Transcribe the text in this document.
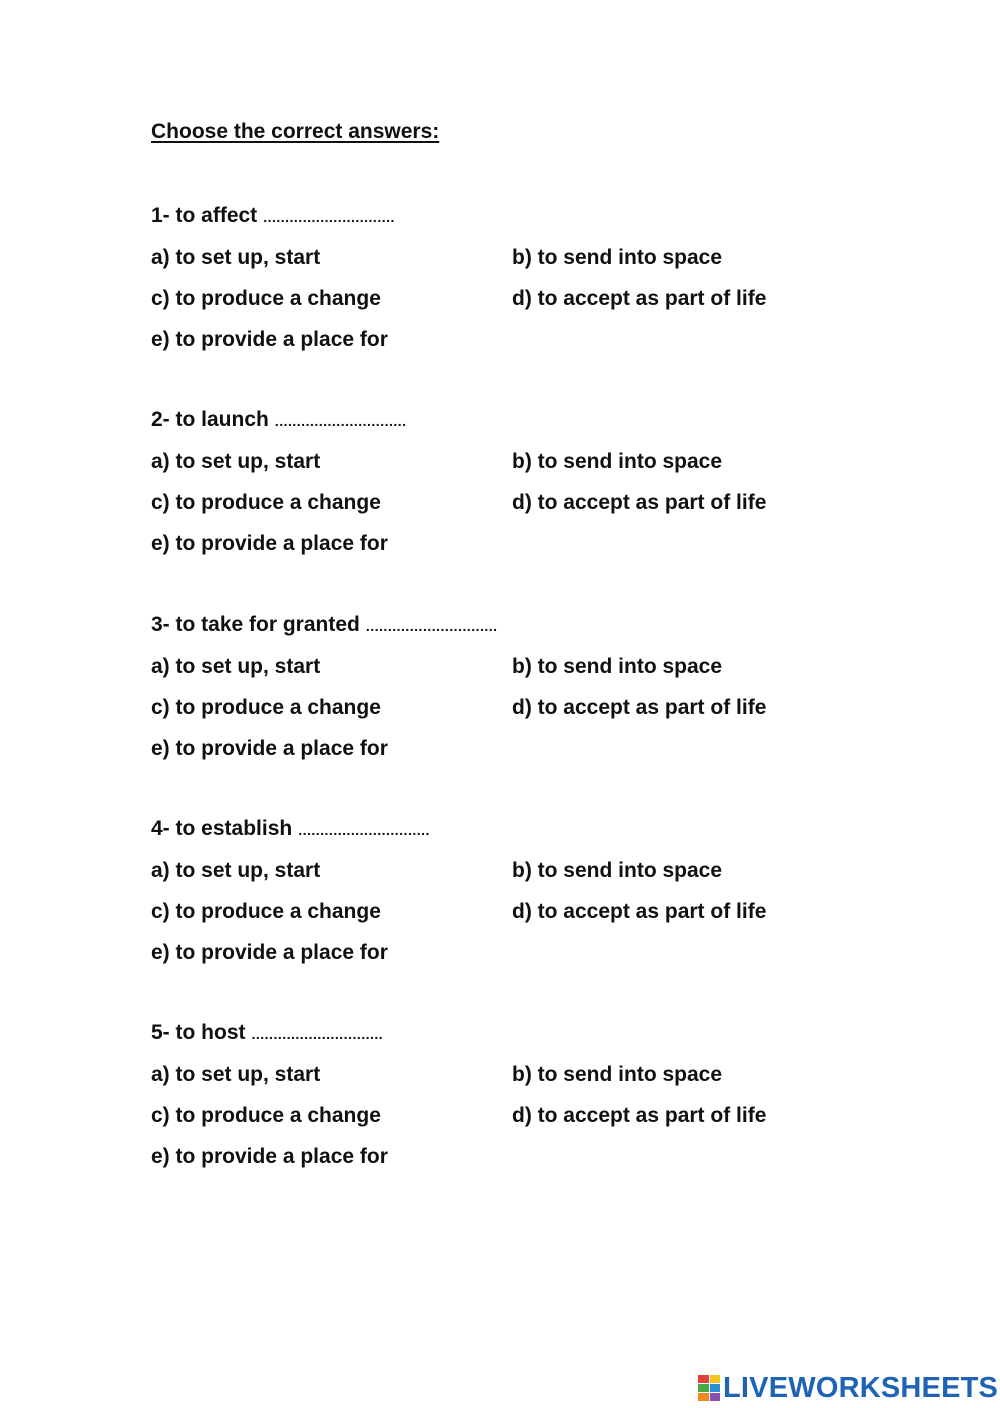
Choose the correct answers:
1- to affect ..............................
a) to set up, start	b) to send into space
c) to produce a change	d) to accept as part of life
e) to provide a place for
2- to launch ..............................
a) to set up, start	b) to send into space
c) to produce a change	d) to accept as part of life
e) to provide a place for
3- to take for granted ..............................
a) to set up, start	b) to send into space
c) to produce a change	d) to accept as part of life
e) to provide a place for
4- to establish ..............................
a) to set up, start	b) to send into space
c) to produce a change	d) to accept as part of life
e) to provide a place for
5- to host ..............................
a) to set up, start	b) to send into space
c) to produce a change	d) to accept as part of life
e) to provide a place for
LIVEWORKSHEETS
